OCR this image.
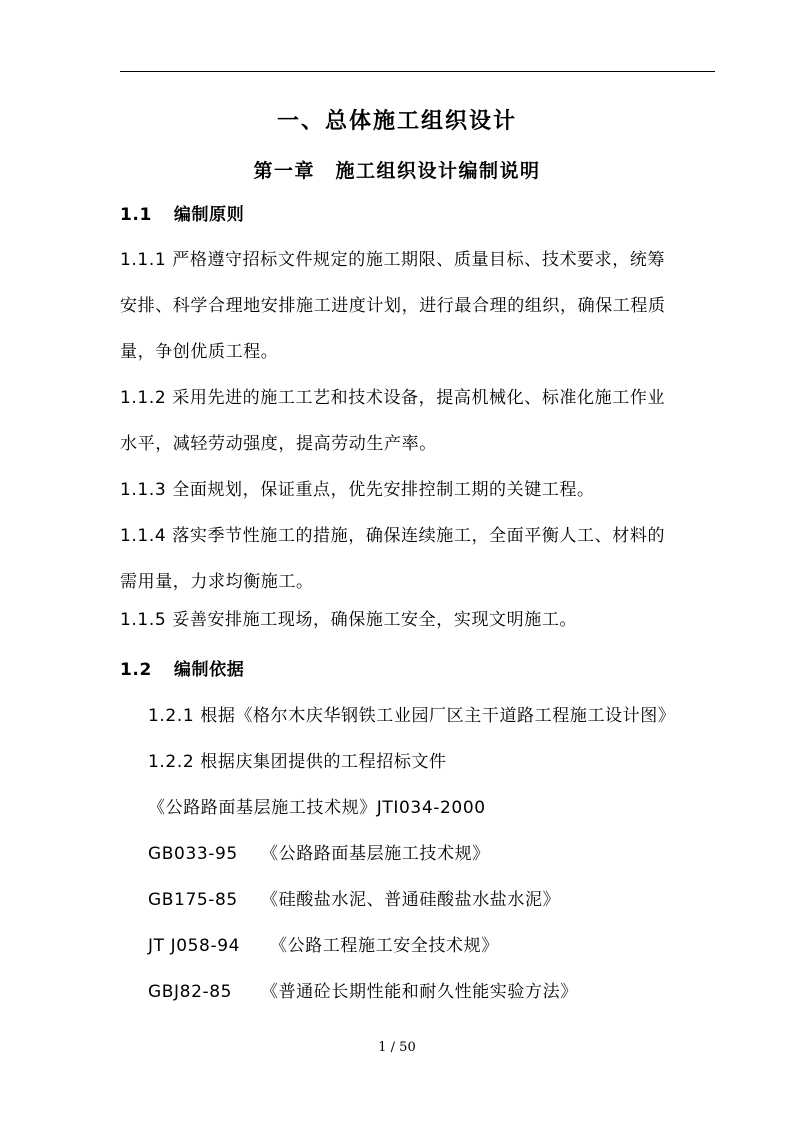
一、总体施工组织设计
第一章　施工组织设计编制说明
1.1 编制原则
1.1.1 严格遵守招标文件规定的施工期限、质量目标、技术要求，统筹
安排、科学合理地安排施工进度计划，进行最合理的组织，确保工程质
量，争创优质工程。
1.1.2 采用先进的施工工艺和技术设备，提高机械化、标准化施工作业
水平，减轻劳动强度，提高劳动生产率。
1.1.3 全面规划，保证重点，优先安排控制工期的关键工程。
1.1.4 落实季节性施工的措施，确保连续施工，全面平衡人工、材料的
需用量，力求均衡施工。
1.1.5 妥善安排施工现场，确保施工安全，实现文明施工。
1.2 编制依据
1.2.1 根据《格尔木庆华钢铁工业园厂区主干道路工程施工设计图》
1.2.2 根据庆集团提供的工程招标文件
《公路路面基层施工技术规》JTI034-2000
GB033-95 《公路路面基层施工技术规》
GB175-85 《硅酸盐水泥、普通硅酸盐水盐水泥》
JT J058-94 《公路工程施工安全技术规》
GBJ82-85 《普通砼长期性能和耐久性能实验方法》
1 / 50
